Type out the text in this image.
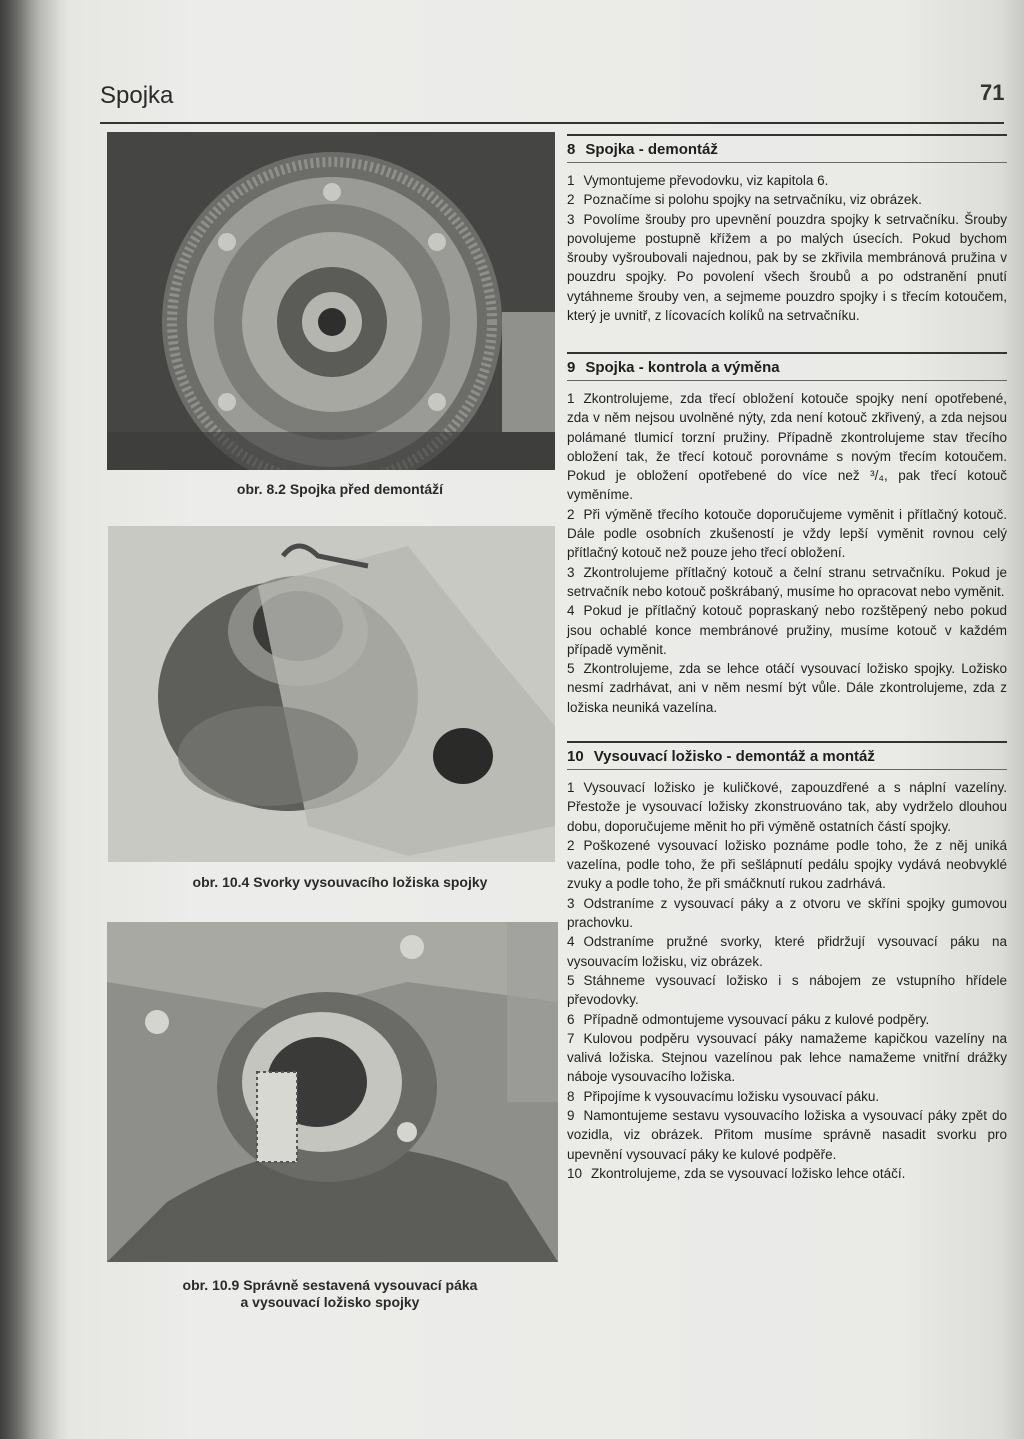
Spojka	71
obr. 8.2 Spojka před demontáží
obr. 10.4 Svorky vysouvacího ložiska spojky
obr. 10.9 Správně sestavená vysouvací páka
a vysouvací ložisko spojky
8 Spojka - demontáž

1 Vymontujeme převodovku, viz kapitola 6.

2 Poznačíme si polohu spojky na setrvačníku, viz obrázek.

3 Povolíme šrouby pro upevnění pouzdra spojky k setrvačníku. Šrouby povolujeme postupně křížem a po malých úsecích. Pokud bychom šrouby vyšroubovali najednou, pak by se zkřivila membránová pružina v pouzdru spojky. Po povolení všech šroubů a po odstranění pnutí vytáhneme šrouby ven, a sejmeme pouzdro spojky i s třecím kotoučem, který je uvnitř, z lícovacích kolíků na setrvačníku.

9 Spojka - kontrola a výměna

1 Zkontrolujeme, zda třecí obložení kotouče spojky není opotřebené, zda v něm nejsou uvolněné nýty, zda není kotouč zkřivený, a zda nejsou polámané tlumicí torzní pružiny. Případně zkontrolujeme stav třecího obložení tak, že třecí kotouč porovnáme s novým třecím kotoučem. Pokud je obložení opotřebené do více než ³/₄, pak třecí kotouč vyměníme.

2 Při výměně třecího kotouče doporučujeme vyměnit i přítlačný kotouč. Dále podle osobních zkušeností je vždy lepší vyměnit rovnou celý přítlačný kotouč než pouze jeho třecí obložení.

3 Zkontrolujeme přítlačný kotouč a čelní stranu setrvačníku. Pokud je setrvačník nebo kotouč poškrábaný, musíme ho opracovat nebo vyměnit.

4 Pokud je přítlačný kotouč popraskaný nebo rozštěpený nebo pokud jsou ochablé konce membránové pružiny, musíme kotouč v každém případě vyměnit.

5 Zkontrolujeme, zda se lehce otáčí vysouvací ložisko spojky. Ložisko nesmí zadrhávat, ani v něm nesmí být vůle. Dále zkontrolujeme, zda z ložiska neuniká vazelína.

10 Vysouvací ložisko - demontáž a montáž

1 Vysouvací ložisko je kuličkové, zapouzdřené a s náplní vazelíny. Přestože je vysouvací ložisky zkonstruováno tak, aby vydrželo dlouhou dobu, doporučujeme měnit ho při výměně ostatních částí spojky.

2 Poškozené vysouvací ložisko poznáme podle toho, že z něj uniká vazelína, podle toho, že při sešlápnutí pedálu spojky vydává neobvyklé zvuky a podle toho, že při smáčknutí rukou zadrhává.

3 Odstraníme z vysouvací páky a z otvoru ve skříni spojky gumovou prachovku.

4 Odstraníme pružné svorky, které přidržují vysouvací páku na vysouvacím ložisku, viz obrázek.

5 Stáhneme vysouvací ložisko i s nábojem ze vstupního hřídele převodovky.

6 Případně odmontujeme vysouvací páku z kulové podpěry.

7 Kulovou podpěru vysouvací páky namažeme kapičkou vazelíny na valivá ložiska. Stejnou vazelínou pak lehce namažeme vnitřní drážky náboje vysouvacího ložiska.

8 Připojíme k vysouvacímu ložisku vysouvací páku.

9 Namontujeme sestavu vysouvacího ložiska a vysouvací páky zpět do vozidla, viz obrázek. Přitom musíme správně nasadit svorku pro upevnění vysouvací páky ke kulové podpěře.

10 Zkontrolujeme, zda se vysouvací ložisko lehce otáčí.
